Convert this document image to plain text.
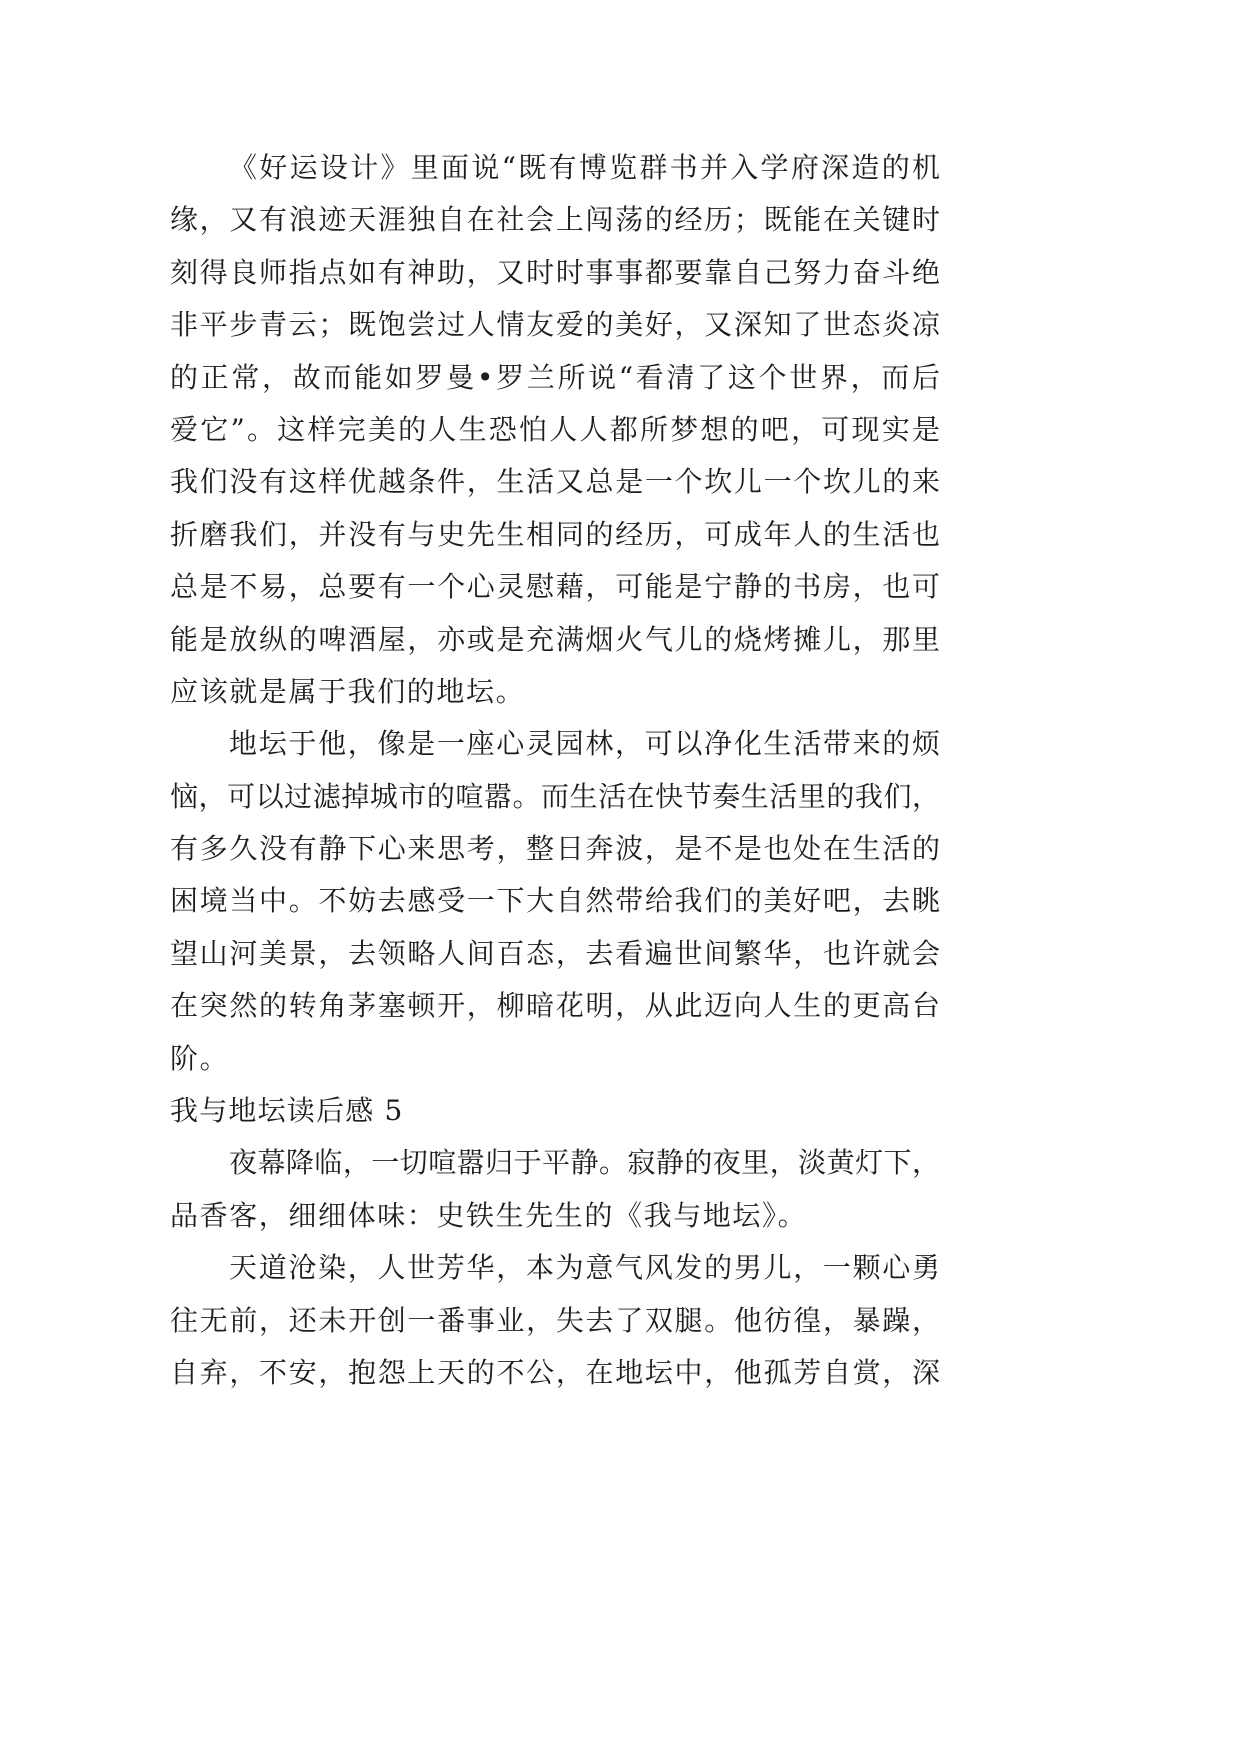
《好运设计》里面说“既有博览群书并入学府深造的机
缘，又有浪迹天涯独自在社会上闯荡的经历；既能在关键时
刻得良师指点如有神助，又时时事事都要靠自己努力奋斗绝
非平步青云；既饱尝过人情友爱的美好，又深知了世态炎凉
的正常，故而能如罗曼•罗兰所说“看清了这个世界，而后
爱它”。这样完美的人生恐怕人人都所梦想的吧，可现实是
我们没有这样优越条件，生活又总是一个坎儿一个坎儿的来
折磨我们，并没有与史先生相同的经历，可成年人的生活也
总是不易，总要有一个心灵慰藉，可能是宁静的书房，也可
能是放纵的啤酒屋，亦或是充满烟火气儿的烧烤摊儿，那里
应该就是属于我们的地坛。
地坛于他，像是一座心灵园林，可以净化生活带来的烦
恼，可以过滤掉城市的喧嚣。而生活在快节奏生活里的我们，
有多久没有静下心来思考，整日奔波，是不是也处在生活的
困境当中。不妨去感受一下大自然带给我们的美好吧，去眺
望山河美景，去领略人间百态，去看遍世间繁华，也许就会
在突然的转角茅塞顿开，柳暗花明，从此迈向人生的更高台
阶。
我与地坛读后感 5
夜幕降临，一切喧嚣归于平静。寂静的夜里，淡黄灯下，
品香客，细细体味：史铁生先生的《我与地坛》。
天道沧染，人世芳华，本为意气风发的男儿，一颗心勇
往无前，还未开创一番事业，失去了双腿。他彷徨，暴躁，
自弃，不安，抱怨上天的不公，在地坛中，他孤芳自赏，深
